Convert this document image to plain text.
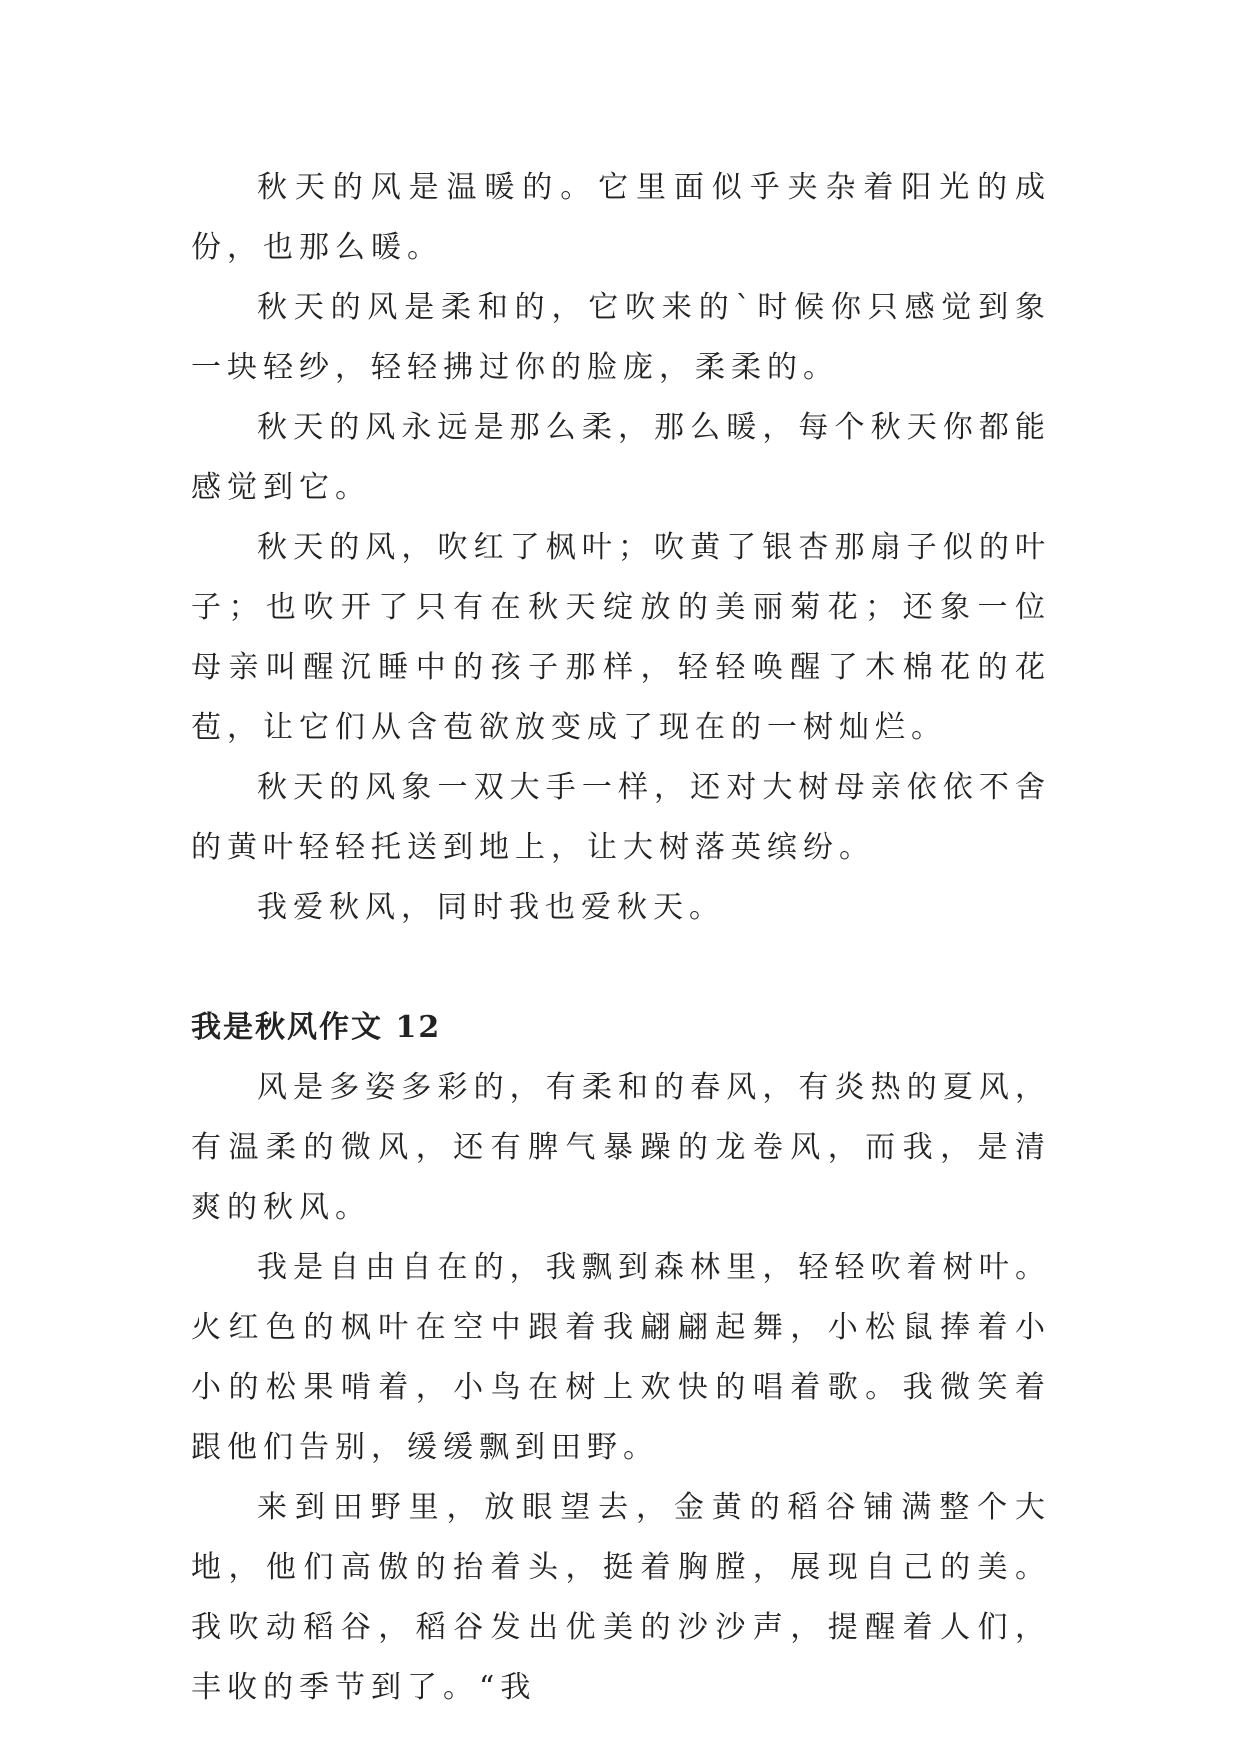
秋天的风是温暖的。它里面似乎夹杂着阳光的成份，也那么暖。

秋天的风是柔和的，它吹来的`时候你只感觉到象一块轻纱，轻轻拂过你的脸庞，柔柔的。

秋天的风永远是那么柔，那么暖，每个秋天你都能感觉到它。

秋天的风，吹红了枫叶；吹黄了银杏那扇子似的叶子；也吹开了只有在秋天绽放的美丽菊花；还象一位母亲叫醒沉睡中的孩子那样，轻轻唤醒了木棉花的花苞，让它们从含苞欲放变成了现在的一树灿烂。

秋天的风象一双大手一样，还对大树母亲依依不舍的黄叶轻轻托送到地上，让大树落英缤纷。

我爱秋风，同时我也爱秋天。

我是秋风作文 12

风是多姿多彩的，有柔和的春风，有炎热的夏风，有温柔的微风，还有脾气暴躁的龙卷风，而我，是清爽的秋风。

我是自由自在的，我飘到森林里，轻轻吹着树叶。火红色的枫叶在空中跟着我翩翩起舞，小松鼠捧着小小的松果啃着，小鸟在树上欢快的唱着歌。我微笑着跟他们告别，缓缓飘到田野。

来到田野里，放眼望去，金黄的稻谷铺满整个大地，他们高傲的抬着头，挺着胸膛，展现自己的美。我吹动稻谷，稻谷发出优美的沙沙声，提醒着人们，丰收的季节到了。“我
